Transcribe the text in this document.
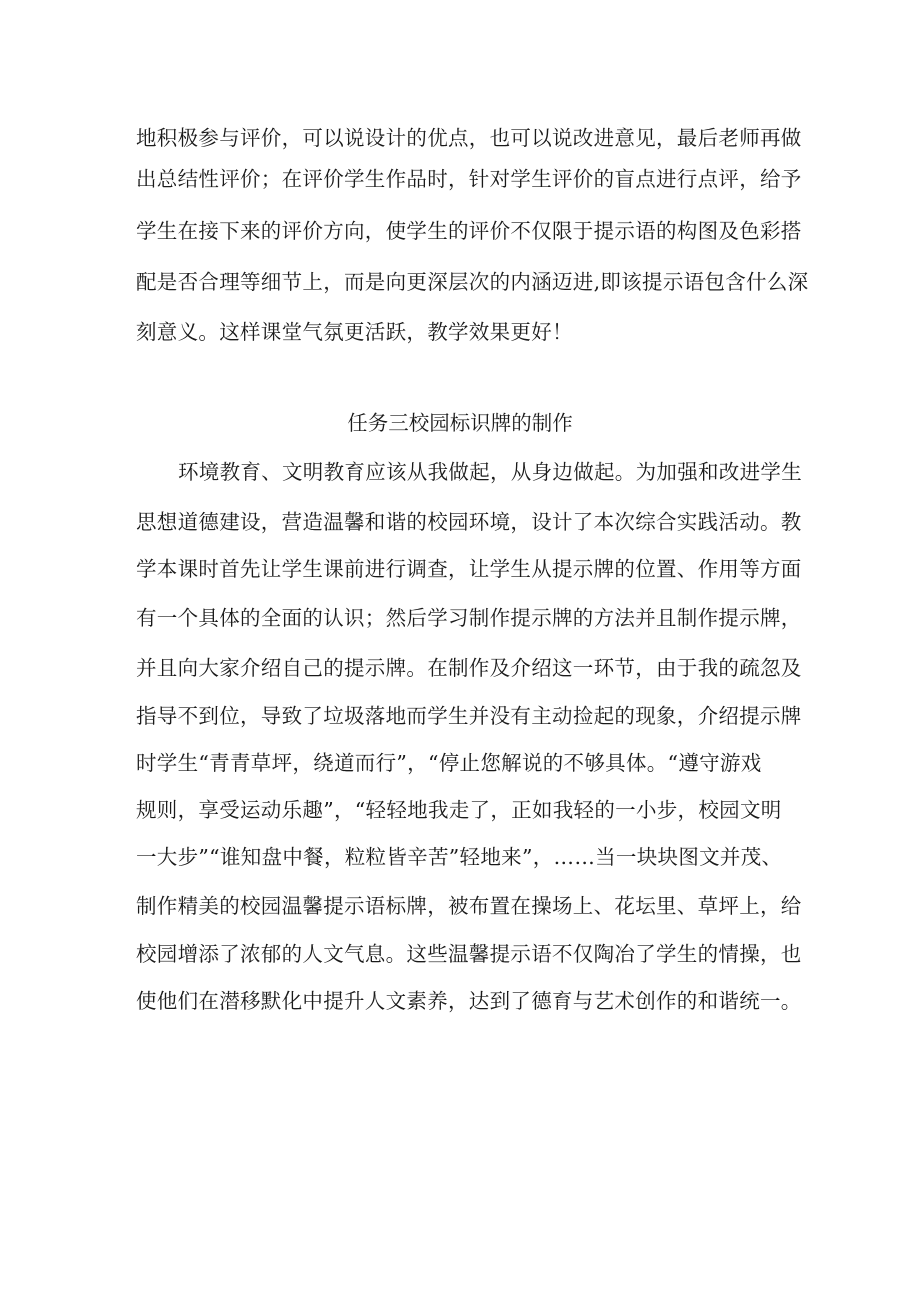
地积极参与评价，可以说设计的优点，也可以说改进意见，最后老师再做
出总结性评价；在评价学生作品时，针对学生评价的盲点进行点评，给予
学生在接下来的评价方向，使学生的评价不仅限于提示语的构图及色彩搭
配是否合理等细节上，而是向更深层次的内涵迈进,即该提示语包含什么深
刻意义。这样课堂气氛更活跃，教学效果更好！
任务三校园标识牌的制作
环境教育、文明教育应该从我做起，从身边做起。为加强和改进学生
思想道德建设，营造温馨和谐的校园环境，设计了本次综合实践活动。教
学本课时首先让学生课前进行调查，让学生从提示牌的位置、作用等方面
有一个具体的全面的认识；然后学习制作提示牌的方法并且制作提示牌，
并且向大家介绍自己的提示牌。在制作及介绍这一环节，由于我的疏忽及
指导不到位，导致了垃圾落地而学生并没有主动捡起的现象，介绍提示牌
时学生“青青草坪，绕道而行”，“停止您解说的不够具体。“遵守游戏
规则，享受运动乐趣”，“轻轻地我走了，正如我轻的一小步，校园文明
一大步”“谁知盘中餐，粒粒皆辛苦”轻地来”，……当一块块图文并茂、
制作精美的校园温馨提示语标牌，被布置在操场上、花坛里、草坪上，给
校园增添了浓郁的人文气息。这些温馨提示语不仅陶冶了学生的情操，也
使他们在潜移默化中提升人文素养，达到了德育与艺术创作的和谐统一。
